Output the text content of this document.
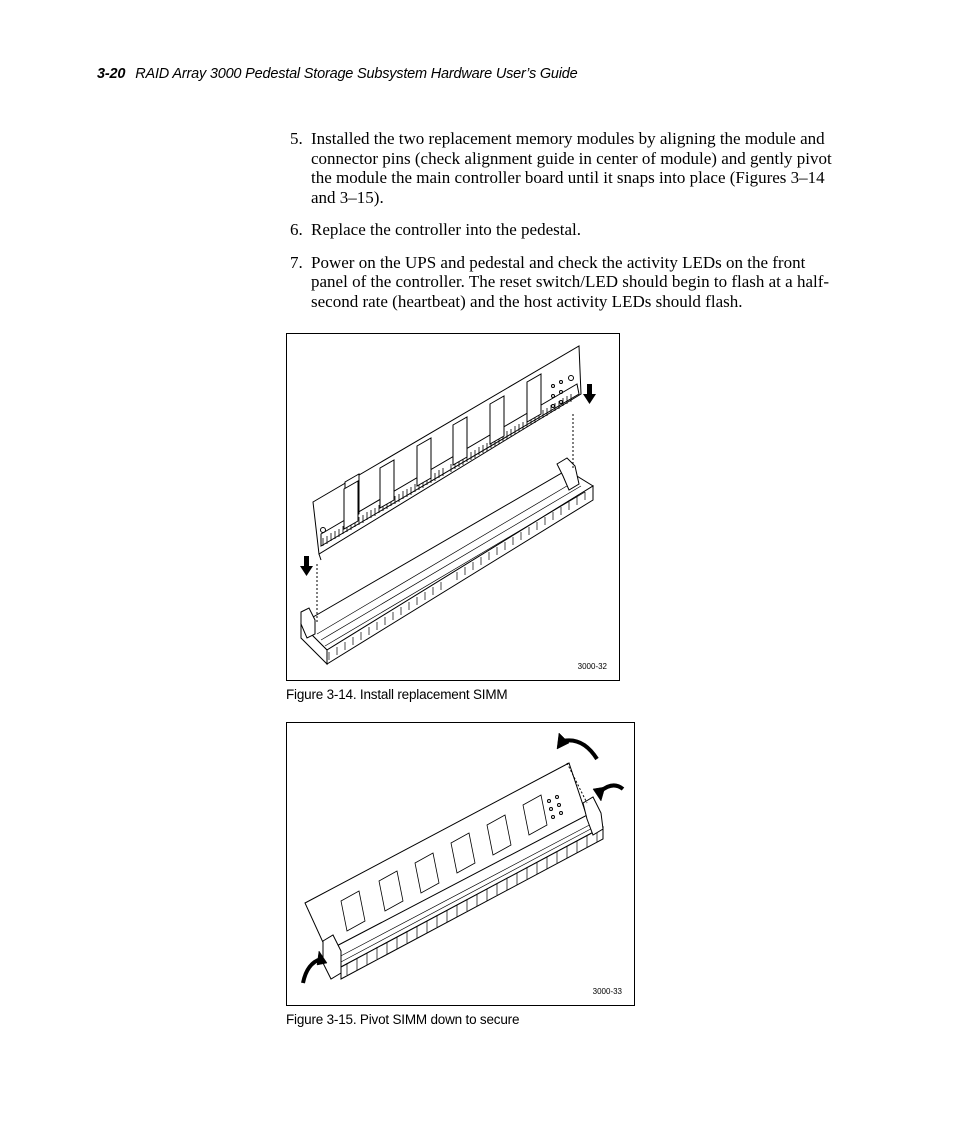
3-20 RAID Array 3000 Pedestal Storage Subsystem Hardware User’s Guide
5. Installed the two replacement memory modules by aligning the module and connector pins (check alignment guide in center of module) and gently pivot the module the main controller board until it snaps into place (Figures 3–14 and 3–15).
6. Replace the controller into the pedestal.
7. Power on the UPS and pedestal and check the activity LEDs on the front panel of the controller. The reset switch/LED should begin to flash at a half-second rate (heartbeat) and the host activity LEDs should flash.
3000-32
Figure 3-14. Install replacement SIMM
3000-33
Figure 3-15. Pivot SIMM down to secure
